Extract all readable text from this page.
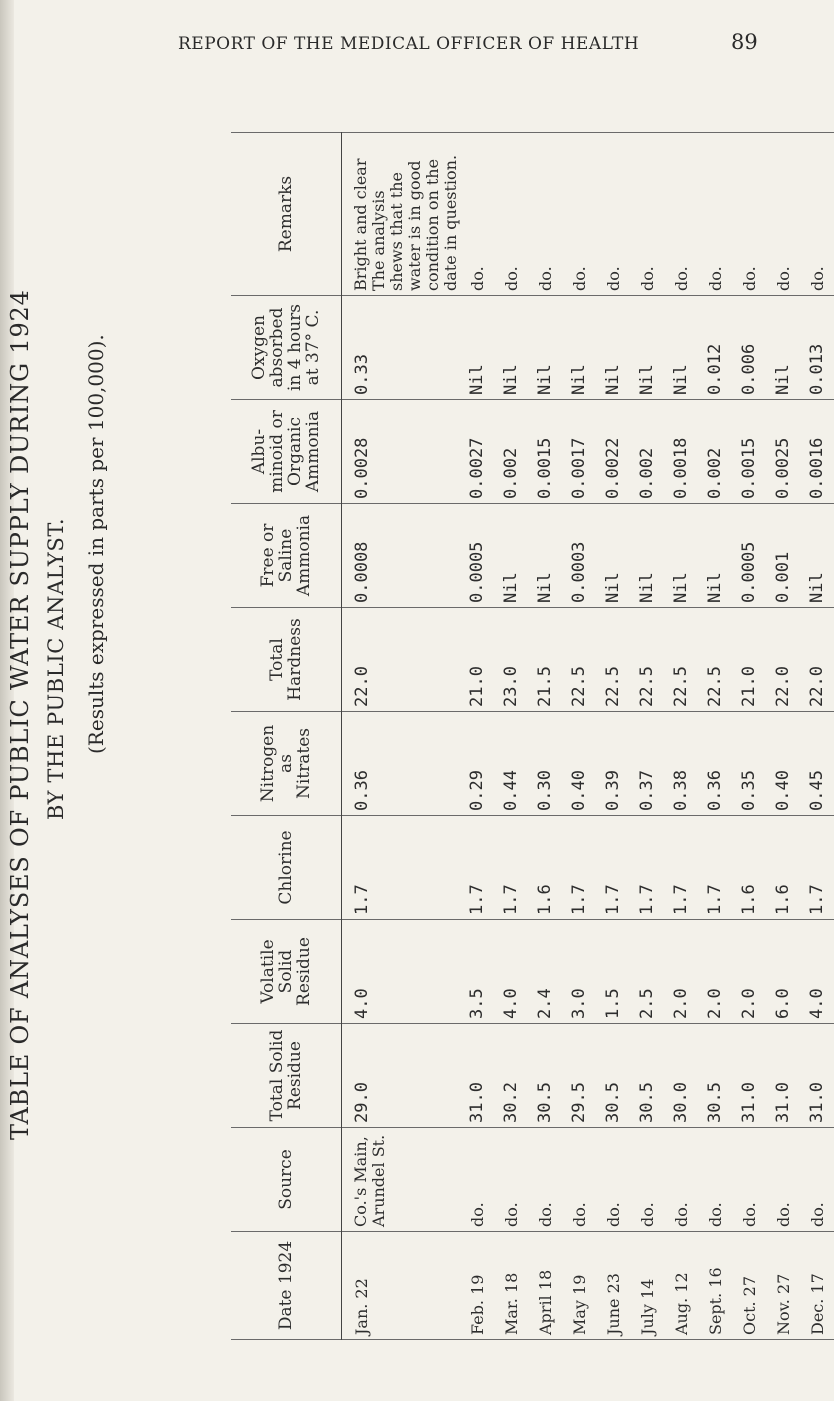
REPORT OF THE MEDICAL OFFICER OF HEALTH	89
TABLE OF ANALYSES OF PUBLIC WATER SUPPLY DURING 1924 BY THE PUBLIC ANALYST. (Results expressed in parts per 100,000).
Date 1924	Source	Total Solid Residue	Volatile Solid Residue	Chlorine	Nitrogen as Nitrates	Total Hardness	Free or Saline Ammonia	Albu-minoid or Organic Ammonia	Oxygen absorbed in 4 hours at 37° C.	Remarks
Jan. 22	Co.'s Main, Arundel St.	29.0	4.0	1.7	0.36	22.0	0.0008	0.0028	0.33	Bright and clear The analysis shews that the water is in good condition on the date in question.
Feb. 19	do.	31.0	3.5	1.7	0.29	21.0	0.0005	0.0027	Nil	do.
Mar. 18	do.	30.2	4.0	1.7	0.44	23.0	Nil	0.002	Nil	do.
April 18	do.	30.5	2.4	1.6	0.30	21.5	Nil	0.0015	Nil	do.
May 19	do.	29.5	3.0	1.7	0.40	22.5	0.0003	0.0017	Nil	do.
June 23	do.	30.5	1.5	1.7	0.39	22.5	Nil	0.0022	Nil	do.
July 14	do.	30.5	2.5	1.7	0.37	22.5	Nil	0.002	Nil	do.
Aug. 12	do.	30.0	2.0	1.7	0.38	22.5	Nil	0.0018	Nil	do.
Sept. 16	do.	30.5	2.0	1.7	0.36	22.5	Nil	0.002	0.012	do.
Oct. 27	do.	31.0	2.0	1.6	0.35	21.0	0.0005	0.0015	0.006	do.
Nov. 27	do.	31.0	6.0	1.6	0.40	22.0	0.001	0.0025	Nil	do.
Dec. 17	do.	31.0	4.0	1.7	0.45	22.0	Nil	0.0016	0.013	do.
